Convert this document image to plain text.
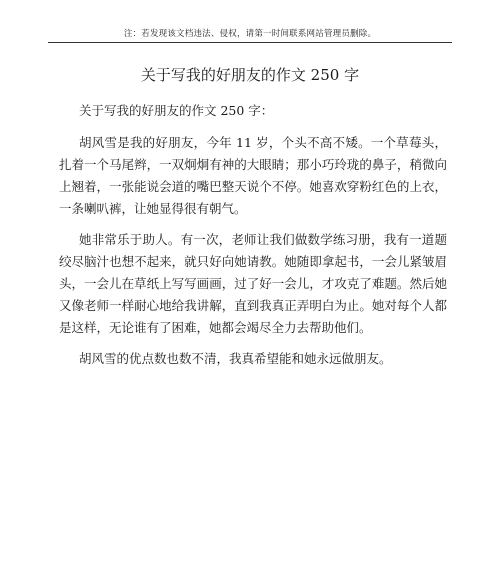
注：若发现该文档违法、侵权，请第一时间联系网站管理员删除。
关于写我的好朋友的作文 250 字

关于写我的好朋友的作文 250 字：

胡风雪是我的好朋友，今年 11 岁，个头不高不矮。一个草莓头，扎着一个马尾辫，一双炯炯有神的大眼睛；那小巧玲珑的鼻子，稍微向上翘着，一张能说会道的嘴巴整天说个不停。她喜欢穿粉红色的上衣，一条喇叭裤，让她显得很有朝气。

她非常乐于助人。有一次，老师让我们做数学练习册，我有一道题绞尽脑汁也想不起来，就只好向她请教。她随即拿起书，一会儿紧皱眉头，一会儿在草纸上写写画画，过了好一会儿，才攻克了难题。然后她又像老师一样耐心地给我讲解，直到我真正弄明白为止。她对每个人都是这样，无论谁有了困难，她都会竭尽全力去帮助他们。

胡风雪的优点数也数不清，我真希望能和她永远做朋友。
